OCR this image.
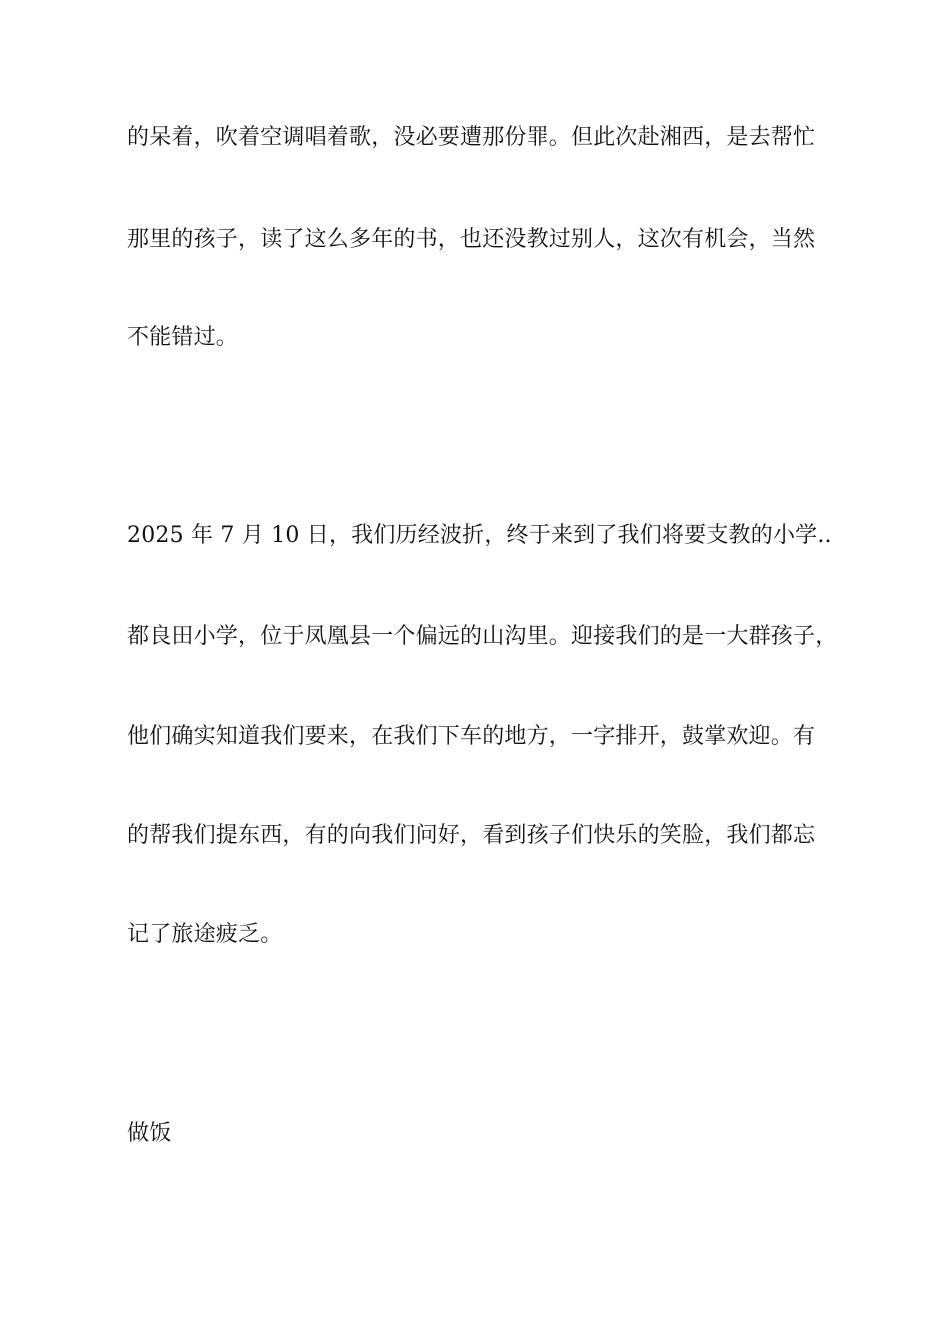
的呆着，吹着空调唱着歌，没必要遭那份罪。但此次赴湘西，是去帮忙
那里的孩子，读了这么多年的书，也还没教过别人，这次有机会，当然
不能错过。
2025 年 7 月 10 日，我们历经波折，终于来到了我们将要支教的小学..
都良田小学，位于凤凰县一个偏远的山沟里。迎接我们的是一大群孩子，
他们确实知道我们要来，在我们下车的地方，一字排开，鼓掌欢迎。有
的帮我们提东西，有的向我们问好，看到孩子们快乐的笑脸，我们都忘
记了旅途疲乏。
做饭
